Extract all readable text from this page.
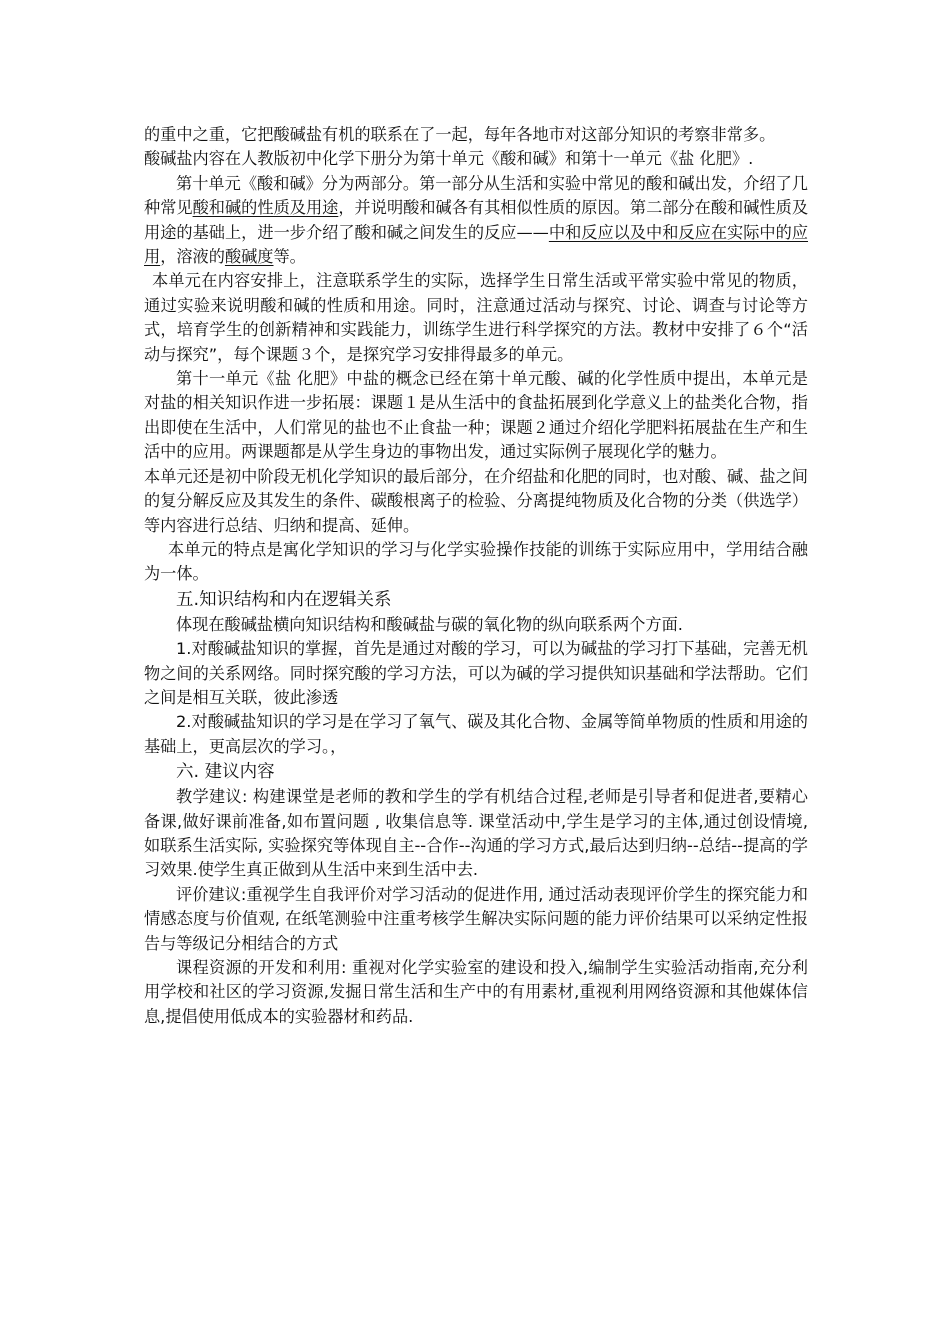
的重中之重，它把酸碱盐有机的联系在了一起，每年各地市对这部分知识的考察非常多。

酸碱盐内容在人教版初中化学下册分为第十单元《酸和碱》和第十一单元《盐 化肥》.

第十单元《酸和碱》分为两部分。第一部分从生活和实验中常见的酸和碱出发，介绍了几种常见酸和碱的性质及用途，并说明酸和碱各有其相似性质的原因。第二部分在酸和碱性质及用途的基础上，进一步介绍了酸和碱之间发生的反应——中和反应以及中和反应在实际中的应用，溶液的酸碱度等。

本单元在内容安排上，注意联系学生的实际，选择学生日常生活或平常实验中常见的物质，通过实验来说明酸和碱的性质和用途。同时，注意通过活动与探究、讨论、调查与讨论等方式，培育学生的创新精神和实践能力，训练学生进行科学探究的方法。教材中安排了６个“活动与探究”，每个课题３个，是探究学习安排得最多的单元。

第十一单元《盐 化肥》中盐的概念已经在第十单元酸、碱的化学性质中提出，本单元是对盐的相关知识作进一步拓展：课题１是从生活中的食盐拓展到化学意义上的盐类化合物，指出即使在生活中，人们常见的盐也不止食盐一种；课题２通过介绍化学肥料拓展盐在生产和生活中的应用。两课题都是从学生身边的事物出发，通过实际例子展现化学的魅力。

本单元还是初中阶段无机化学知识的最后部分，在介绍盐和化肥的同时，也对酸、碱、盐之间的复分解反应及其发生的条件、碳酸根离子的检验、分离提纯物质及化合物的分类（供选学）等内容进行总结、归纳和提高、延伸。

本单元的特点是寓化学知识的学习与化学实验操作技能的训练于实际应用中，学用结合融为一体。

五.知识结构和内在逻辑关系

体现在酸碱盐横向知识结构和酸碱盐与碳的氧化物的纵向联系两个方面.

1.对酸碱盐知识的掌握，首先是通过对酸的学习，可以为碱盐的学习打下基础，完善无机物之间的关系网络。同时探究酸的学习方法，可以为碱的学习提供知识基础和学法帮助。它们之间是相互关联，彼此渗透

2.对酸碱盐知识的学习是在学习了氧气、碳及其化合物、金属等简单物质的性质和用途的基础上，更高层次的学习。，

六. 建议内容

教学建议: 构建课堂是老师的教和学生的学有机结合过程,老师是引导者和促进者,要精心备课,做好课前准备,如布置问题 , 收集信息等. 课堂活动中,学生是学习的主体,通过创设情境,如联系生活实际, 实验探究等体现自主--合作--沟通的学习方式,最后达到归纳--总结--提高的学习效果.使学生真正做到从生活中来到生活中去.

评价建议:重视学生自我评价对学习活动的促进作用, 通过活动表现评价学生的探究能力和情感态度与价值观, 在纸笔测验中注重考核学生解决实际问题的能力评价结果可以采纳定性报告与等级记分相结合的方式

课程资源的开发和利用: 重视对化学实验室的建设和投入,编制学生实验活动指南,充分利用学校和社区的学习资源,发掘日常生活和生产中的有用素材,重视利用网络资源和其他媒体信息,提倡使用低成本的实验器材和药品.
